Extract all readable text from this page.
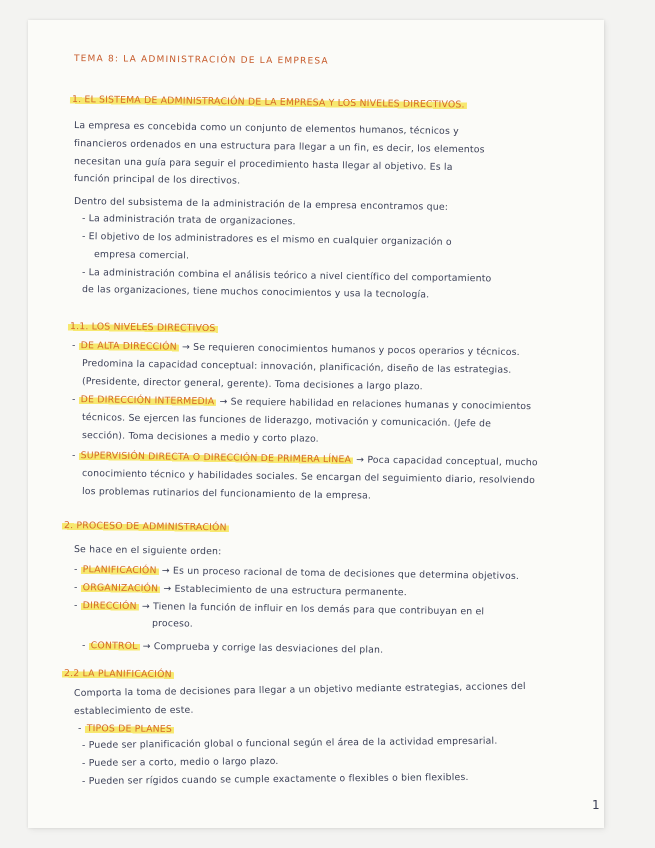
TEMA 8: LA ADMINISTRACIÓN DE LA EMPRESA
1. EL SISTEMA DE ADMINISTRACIÓN DE LA EMPRESA Y LOS NIVELES DIRECTIVOS.
La empresa es concebida como un conjunto de elementos humanos, técnicos y
financieros ordenados en una estructura para llegar a un fin, es decir, los elementos
necesitan una guía para seguir el procedimiento hasta llegar al objetivo. Es la
función principal de los directivos.
Dentro del subsistema de la administración de la empresa encontramos que:
- La administración trata de organizaciones.
- El objetivo de los administradores es el mismo en cualquier organización o
empresa comercial.
- La administración combina el análisis teórico a nivel científico del comportamiento
de las organizaciones, tiene muchos conocimientos y usa la tecnología.
1.1. LOS NIVELES DIRECTIVOS
- DE ALTA DIRECCIÓN → Se requieren conocimientos humanos y pocos operarios y técnicos.
Predomina la capacidad conceptual: innovación, planificación, diseño de las estrategias.
(Presidente, director general, gerente). Toma decisiones a largo plazo.
- DE DIRECCIÓN INTERMEDIA → Se requiere habilidad en relaciones humanas y conocimientos
técnicos. Se ejercen las funciones de liderazgo, motivación y comunicación. (Jefe de
sección). Toma decisiones a medio y corto plazo.
- SUPERVISIÓN DIRECTA O DIRECCIÓN DE PRIMERA LÍNEA → Poca capacidad conceptual, mucho
conocimiento técnico y habilidades sociales. Se encargan del seguimiento diario, resolviendo
los problemas rutinarios del funcionamiento de la empresa.
2. PROCESO DE ADMINISTRACIÓN
Se hace en el siguiente orden:
- PLANIFICACIÓN → Es un proceso racional de toma de decisiones que determina objetivos.
- ORGANIZACIÓN → Establecimiento de una estructura permanente.
- DIRECCIÓN → Tienen la función de influir en los demás para que contribuyan en el
proceso.
- CONTROL → Comprueba y corrige las desviaciones del plan.
2.2 LA PLANIFICACIÓN
Comporta la toma de decisiones para llegar a un objetivo mediante estrategias, acciones del
establecimiento de este.
- TIPOS DE PLANES
- Puede ser planificación global o funcional según el área de la actividad empresarial.
- Puede ser a corto, medio o largo plazo.
- Pueden ser rígidos cuando se cumple exactamente o flexibles o bien flexibles.
1
